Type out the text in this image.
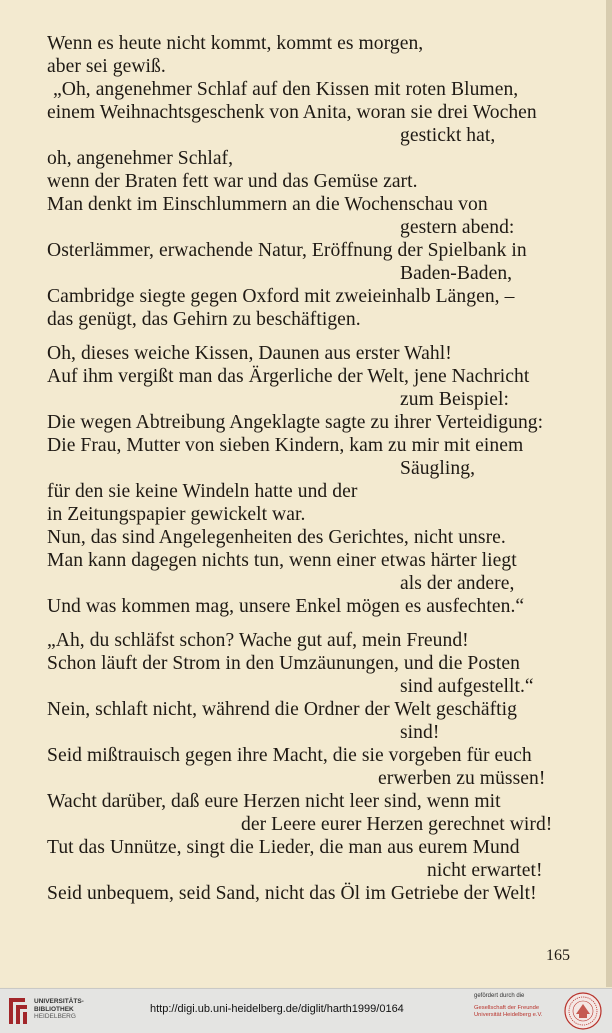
Wenn es heute nicht kommt, kommt es morgen,
aber sei gewiß.
„Oh, angenehmer Schlaf auf den Kissen mit roten Blumen,
einem Weihnachtsgeschenk von Anita, woran sie drei Wochen
gestickt hat,
oh, angenehmer Schlaf,
wenn der Braten fett war und das Gemüse zart.
Man denkt im Einschlummern an die Wochenschau von
gestern abend:
Osterlämmer, erwachende Natur, Eröffnung der Spielbank in
Baden-Baden,
Cambridge siegte gegen Oxford mit zweieinhalb Längen, –
das genügt, das Gehirn zu beschäftigen.
Oh, dieses weiche Kissen, Daunen aus erster Wahl!
Auf ihm vergißt man das Ärgerliche der Welt, jene Nachricht
zum Beispiel:
Die wegen Abtreibung Angeklagte sagte zu ihrer Verteidigung:
Die Frau, Mutter von sieben Kindern, kam zu mir mit einem
Säugling,
für den sie keine Windeln hatte und der
in Zeitungspapier gewickelt war.
Nun, das sind Angelegenheiten des Gerichtes, nicht unsre.
Man kann dagegen nichts tun, wenn einer etwas härter liegt
als der andere,
Und was kommen mag, unsere Enkel mögen es ausfechten.“
„Ah, du schläfst schon? Wache gut auf, mein Freund!
Schon läuft der Strom in den Umzäunungen, und die Posten
sind aufgestellt.“
Nein, schlaft nicht, während die Ordner der Welt geschäftig
sind!
Seid mißtrauisch gegen ihre Macht, die sie vorgeben für euch
erwerben zu müssen!
Wacht darüber, daß eure Herzen nicht leer sind, wenn mit
der Leere eurer Herzen gerechnet wird!
Tut das Unnütze, singt die Lieder, die man aus eurem Mund
nicht erwartet!
Seid unbequem, seid Sand, nicht das Öl im Getriebe der Welt!
165
UNIVERSITÄTS-
BIBLIOTHEK
HEIDELBERG
http://digi.ub.uni-heidelberg.de/diglit/harth1999/0164
gefördert durch die
Gesellschaft der Freunde
Universität Heidelberg e.V.
